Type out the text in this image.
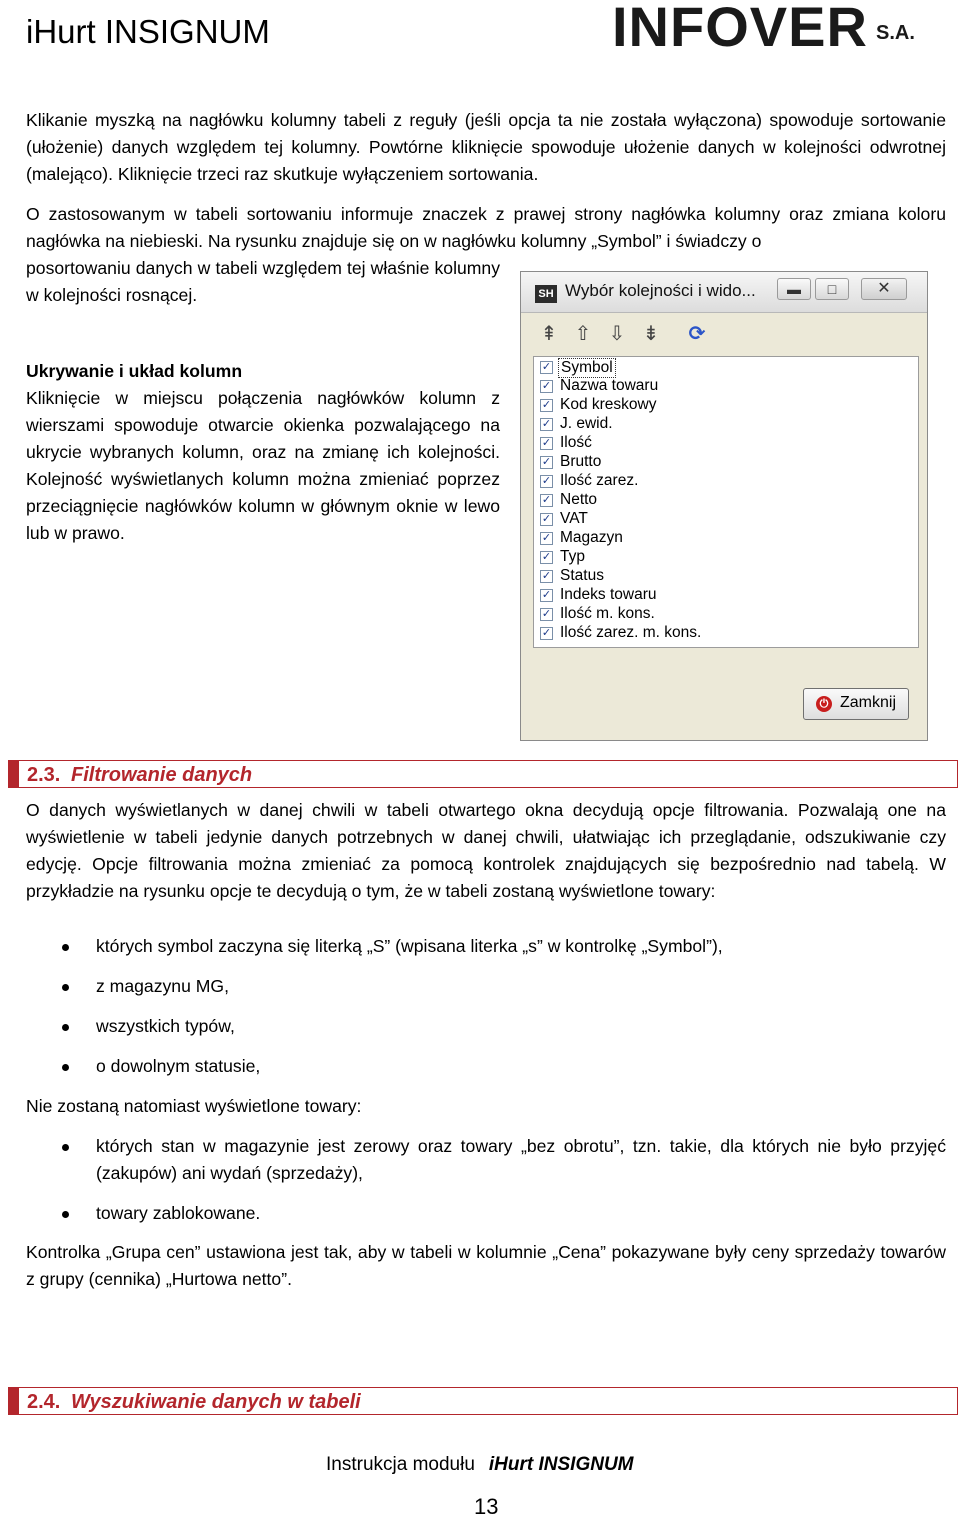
iHurt INSIGNUM	INFOVER S.A.
Klikanie myszką na nagłówku kolumny tabeli z reguły (jeśli opcja ta nie została wyłączona) spowoduje sortowanie (ułożenie) danych względem tej kolumny. Powtórne kliknięcie spowoduje ułożenie danych w kolejności odwrotnej (malejąco). Kliknięcie trzeci raz skutkuje wyłączeniem sortowania.
O zastosowanym w tabeli sortowaniu informuje znaczek z prawej strony nagłówka kolumny oraz zmiana koloru nagłówka na niebieski. Na rysunku znajduje się on w nagłówku kolumny „Symbol” i świadczy o
posortowaniu danych w tabeli względem tej właśnie kolumny w kolejności rosnącej.
Ukrywanie i układ kolumn
Kliknięcie w miejscu połączenia nagłówków kolumn z wierszami spowoduje otwarcie okienka pozwalającego na ukrycie wybranych kolumn, oraz na zmianę ich kolejności. Kolejność wyświetlanych kolumn można zmieniać poprzez przeciągnięcie nagłówków kolumn w głównym oknie w lewo lub w prawo.
SH Wybór kolejności i wido...	▬	□	✕
⇞ ⇧ ⇩ ⇟ ⟳
✓ Symbol
✓ Nazwa towaru
✓ Kod kreskowy
✓ J. ewid.
✓ Ilość
✓ Brutto
✓ Ilość zarez.
✓ Netto
✓ VAT
✓ Magazyn
✓ Typ
✓ Status
✓ Indeks towaru
✓ Ilość m. kons.
✓ Ilość zarez. m. kons.
⏻ Zamknij
2.3. Filtrowanie danych
O danych wyświetlanych w danej chwili w tabeli otwartego okna decydują opcje filtrowania. Pozwalają one na wyświetlenie w tabeli jedynie danych potrzebnych w danej chwili, ułatwiając ich przeglądanie, odszukiwanie czy edycję. Opcje filtrowania można zmieniać za pomocą kontrolek znajdujących się bezpośrednio nad tabelą. W przykładzie na rysunku opcje te decydują o tym, że w tabeli zostaną wyświetlone towary:
których symbol zaczyna się literką „S” (wpisana literka „s” w kontrolkę „Symbol”),
z magazynu MG,
wszystkich typów,
o dowolnym statusie,
Nie zostaną natomiast wyświetlone towary:
których stan w magazynie jest zerowy oraz towary „bez obrotu”, tzn. takie, dla których nie było przyjęć (zakupów) ani wydań (sprzedaży),
towary zablokowane.
Kontrolka „Grupa cen” ustawiona jest tak, aby w tabeli w kolumnie „Cena” pokazywane były ceny sprzedaży towarów z grupy (cennika) „Hurtowa netto”.
2.4. Wyszukiwanie danych w tabeli
Instrukcja modułu iHurt INSIGNUM
13
